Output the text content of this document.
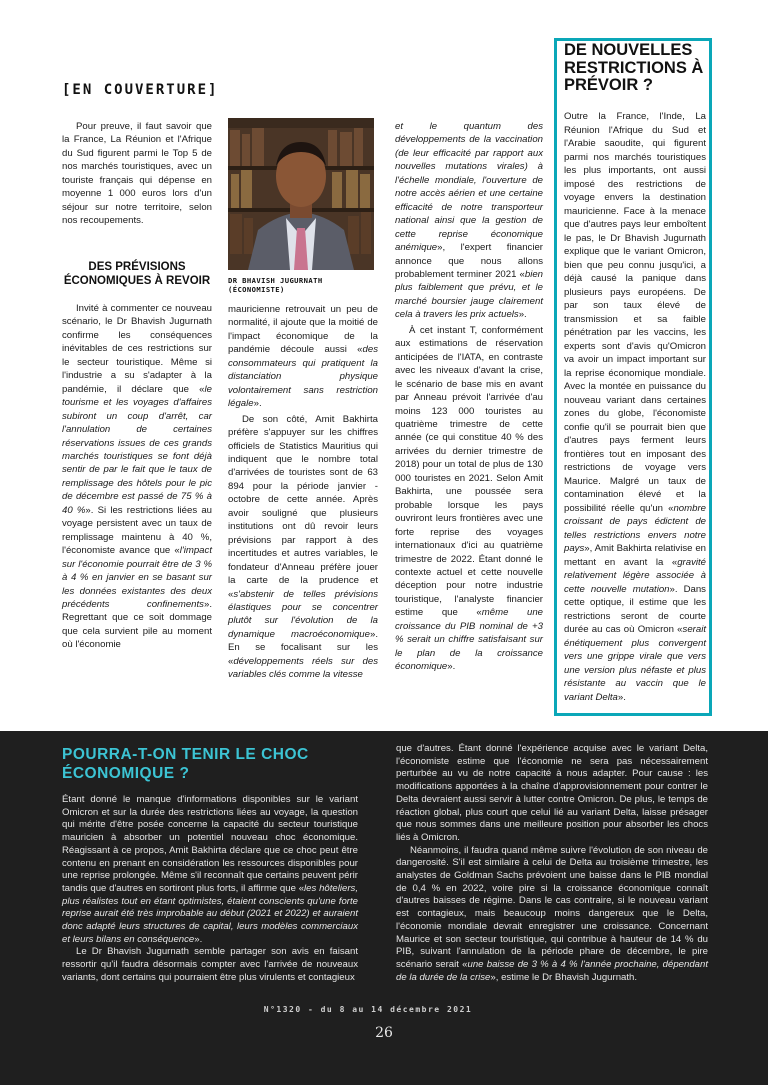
[EN COUVERTURE]

Pour preuve, il faut savoir que la France, La Réunion et l'Afrique du Sud figurent parmi le Top 5 de nos marchés touristiques, avec un touriste français qui dépense en moyenne 1 000 euros lors d'un séjour sur notre territoire, selon nos recoupements.

DES PRÉVISIONS ÉCONOMIQUES À REVOIR

Invité à commenter ce nouveau scénario, le Dr Bhavish Jugurnath confirme les conséquences inévitables de ces restrictions sur le secteur touristique. Même si l'industrie a su s'adapter à la pandémie, il déclare que «le tourisme et les voyages d'affaires subiront un coup d'arrêt, car l'annulation de certaines réservations issues de ces grands marchés touristiques se font déjà sentir de par le fait que le taux de remplissage des hôtels pour le pic de décembre est passé de 75 % à 40 %». Si les restrictions liées au voyage persistent avec un taux de remplissage maintenu à 40 %, l'économiste avance que «l'impact sur l'économie pourrait être de 3 % à 4 % en janvier en se basant sur les données existantes des deux précédents confinements». Regrettant que ce soit dommage que cela survient pile au moment où l'économie

DR BHAVISH JUGURNATH (ÉCONOMISTE)

mauricienne retrouvait un peu de normalité, il ajoute que la moitié de l'impact économique de la pandémie découle aussi «des consommateurs qui pratiquent la distanciation physique volontairement sans restriction légale».

De son côté, Amit Bakhirta préfère s'appuyer sur les chiffres officiels de Statistics Mauritius qui indiquent que le nombre total d'arrivées de touristes sont de 63 894 pour la période janvier - octobre de cette année. Après avoir souligné que plusieurs institutions ont dû revoir leurs prévisions par rapport à des incertitudes et autres variables, le fondateur d'Anneau préfère jouer la carte de la prudence et «s'abstenir de telles prévisions élastiques pour se concentrer plutôt sur l'évolution de la dynamique macroéconomique». En se focalisant sur les «développements réels sur des variables clés comme la vitesse

et le quantum des développements de la vaccination (de leur efficacité par rapport aux nouvelles mutations virales) à l'échelle mondiale, l'ouverture de notre accès aérien et une certaine efficacité de notre transporteur national ainsi que la gestion de cette reprise économique anémique», l'expert financier annonce que nous allons probablement terminer 2021 «bien plus faiblement que prévu, et le marché boursier jauge clairement cela à travers les prix actuels».

À cet instant T, conformément aux estimations de réservation anticipées de l'IATA, en contraste avec les niveaux d'avant la crise, le scénario de base mis en avant par Anneau prévoit l'arrivée d'au moins 123 000 touristes au quatrième trimestre de cette année (ce qui constitue 40 % des arrivées du dernier trimestre de 2018) pour un total de plus de 130 000 touristes en 2021. Selon Amit Bakhirta, une poussée sera probable lorsque les pays ouvriront leurs frontières avec une forte reprise des voyages internationaux d'ici au quatrième trimestre de 2022. Étant donné le contexte actuel et cette nouvelle déception pour notre industrie touristique, l'analyste financier estime que «même une croissance du PIB nominal de +3 % serait un chiffre satisfaisant sur le plan de la croissance économique».

DE NOUVELLES RESTRICTIONS À PRÉVOIR ?
Outre la France, l'Inde, La Réunion l'Afrique du Sud et l'Arabie saoudite, qui figurent parmi nos marchés touristiques les plus importants, ont aussi imposé des restrictions de voyage envers la destination mauricienne. Face à la menace que d'autres pays leur emboîtent le pas, le Dr Bhavish Jugurnath explique que le variant Omicron, bien que peu connu jusqu'ici, a déjà causé la panique dans plusieurs pays européens. De par son taux élevé de transmission et sa faible pénétration par les vaccins, les experts sont d'avis qu'Omicron va avoir un impact important sur la reprise économique mondiale. Avec la montée en puissance du nouveau variant dans certaines zones du globe, l'économiste confie qu'il se pourrait bien que d'autres pays ferment leurs frontières tout en imposant des restrictions de voyage vers Maurice. Malgré un taux de contamination élevé et la possibilité réelle qu'un «nombre croissant de pays édictent de telles restrictions envers notre pays», Amit Bakhirta relativise en mettant en avant la «gravité relativement légère associée à cette nouvelle mutation». Dans cette optique, il estime que les restrictions seront de courte durée au cas où Omicron «serait énétiquement plus convergent vers une grippe virale que vers une version plus néfaste et plus résistante au vaccin que le variant Delta».
POURRA-T-ON TENIR LE CHOC ÉCONOMIQUE ?

Étant donné le manque d'informations disponibles sur le variant Omicron et sur la durée des restrictions liées au voyage, la question qui mérite d'être posée concerne la capacité du secteur touristique mauricien à absorber un potentiel nouveau choc économique. Réagissant à ce propos, Amit Bakhirta déclare que ce choc peut être contenu en prenant en considération les ressources disponibles pour une reprise prolongée. Même s'il reconnaît que certains peuvent périr tandis que d'autres en sortiront plus forts, il affirme que «les hôteliers, plus réalistes tout en étant optimistes, étaient conscients qu'une forte reprise aurait été très improbable au début (2021 et 2022) et auraient donc adapté leurs structures de capital, leurs modèles commerciaux et leurs bilans en conséquence».

Le Dr Bhavish Jugurnath semble partager son avis en faisant ressortir qu'il faudra désormais compter avec l'arrivée de nouveaux variants, dont certains qui pourraient être plus virulents et contagieux

que d'autres. Étant donné l'expérience acquise avec le variant Delta, l'économiste estime que l'économie ne sera pas nécessairement perturbée au vu de notre capacité à nous adapter. Pour cause : les modifications apportées à la chaîne d'approvisionnement pour contrer le Delta devraient aussi servir à lutter contre Omicron. De plus, le temps de réaction global, plus court que celui lié au variant Delta, laisse présager que nous sommes dans une meilleure position pour absorber les chocs liés à Omicron.

Néanmoins, il faudra quand même suivre l'évolution de son niveau de dangerosité. S'il est similaire à celui de Delta au troisième trimestre, les analystes de Goldman Sachs prévoient une baisse dans le PIB mondial de 0,4 % en 2022, voire pire si la croissance économique connaît d'autres baisses de régime. Dans le cas contraire, si le nouveau variant est contagieux, mais beaucoup moins dangereux que le Delta, l'économie mondiale devrait enregistrer une croissance. Concernant Maurice et son secteur touristique, qui contribue à hauteur de 14 % du PIB, suivant l'annulation de la période phare de décembre, le pire scénario serait «une baisse de 3 % à 4 % l'année prochaine, dépendant de la durée de la crise», estime le Dr Bhavish Jugurnath.

N°1320 - du 8 au 14 décembre 2021
26
